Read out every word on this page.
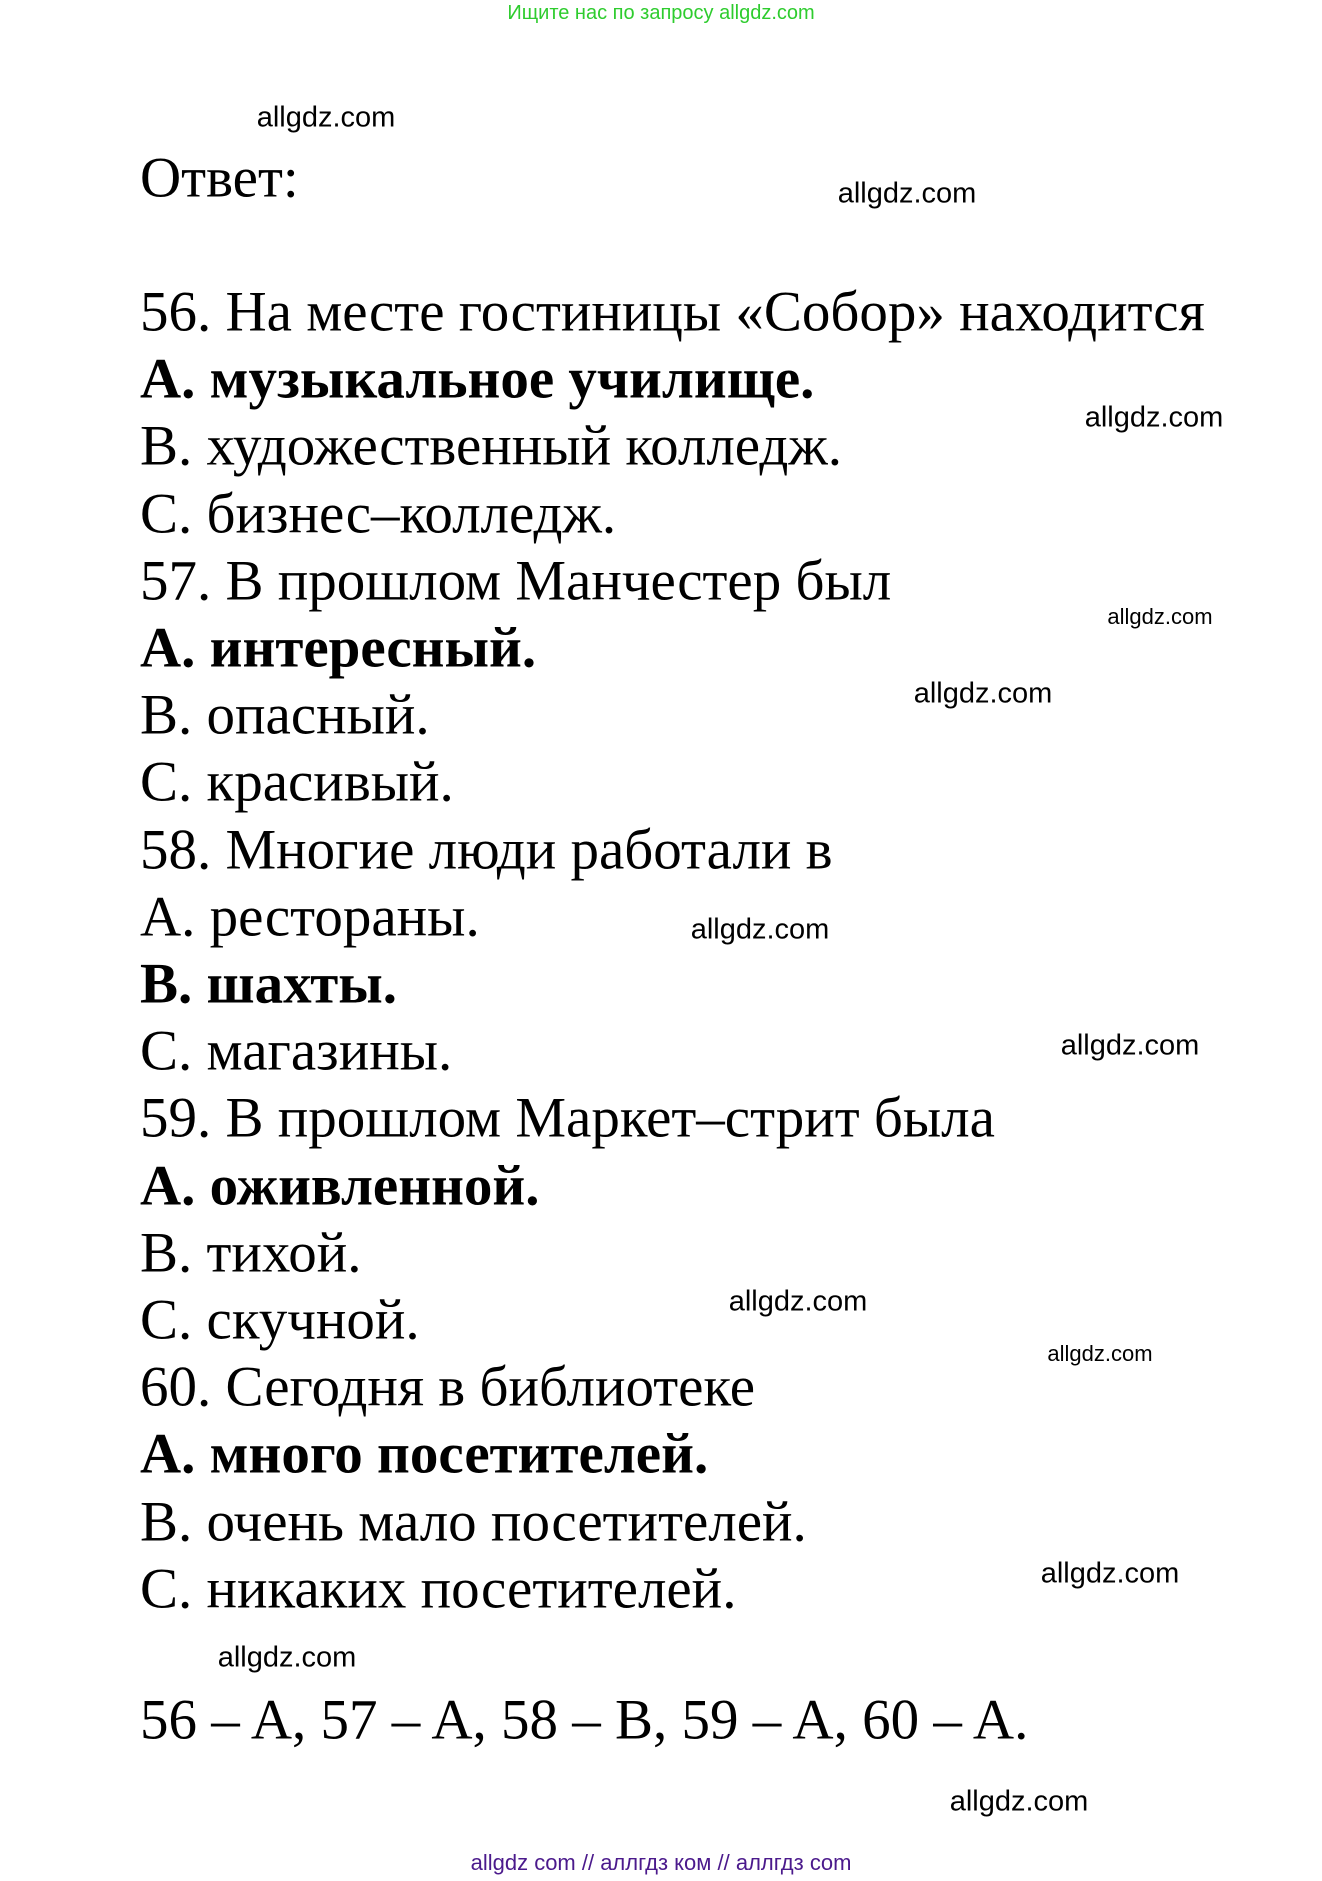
Ищите нас по запросу allgdz.com
allgdz.com
allgdz.com
allgdz.com
allgdz.com
allgdz.com
allgdz.com
allgdz.com
allgdz.com
allgdz.com
allgdz.com
allgdz.com
allgdz.com
Ответ:
56. На месте гостиницы «Собор» находится
A. музыкальное училище.
B. художественный колледж.
C. бизнес–колледж.
57. В прошлом Манчестер был
A. интересный.
B. опасный.
C. красивый.
58. Многие люди работали в
A. рестораны.
B. шахты.
C. магазины.
59. В прошлом Маркет–стрит была
A. оживленной.
B. тихой.
C. скучной.
60. Сегодня в библиотеке
A. много посетителей.
B. очень мало посетителей.
C. никаких посетителей.
56 – A, 57 – A, 58 – B, 59 – A, 60 – A.
allgdz com // аллгдз ком // аллгдз com
